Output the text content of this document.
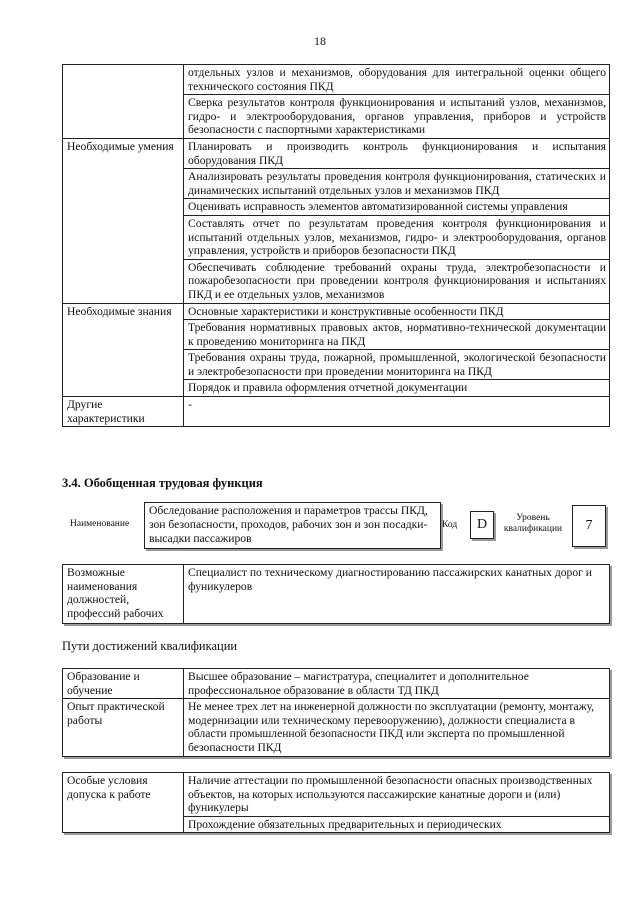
18
	отдельных узлов и механизмов, оборудования для интегральной оценки общего технического состояния ПКД
	Сверка результатов контроля функционирования и испытаний узлов, механизмов, гидро- и электрооборудования, органов управления, приборов и устройств безопасности с паспортными характеристиками
Необходимые умения	Планировать и производить контроль функционирования и испытания оборудования ПКД
	Анализировать результаты проведения контроля функционирования, статических и динамических испытаний отдельных узлов и механизмов ПКД
	Оценивать исправность элементов автоматизированной системы управления
	Составлять отчет по результатам проведения контроля функционирования и испытаний отдельных узлов, механизмов, гидро- и электрооборудования, органов управления, устройств и приборов безопасности ПКД
	Обеспечивать соблюдение требований охраны труда, электробезопасности и пожаробезопасности при проведении контроля функционирования и испытаниях ПКД и ее отдельных узлов, механизмов
Необходимые знания	Основные характеристики и конструктивные особенности ПКД
	Требования нормативных правовых актов, нормативно-технической документации к проведению мониторинга на ПКД
	Требования охраны труда, пожарной, промышленной, экологической безопасности и электробезопасности при проведении мониторинга на ПКД
	Порядок и правила оформления отчетной документации
Другие характеристики	-
3.4. Обобщенная трудовая функция
Наименование
Обследование расположения и параметров трассы ПКД, зон безопасности, проходов, рабочих зон и зон посадки-высадки пассажиров
Код	D	Уровень квалификации	7
Возможные наименования должностей, профессий рабочих	Специалист по техническому диагностированию пассажирских канатных дорог и фуникулеров
Пути достижений квалификации
Образование и обучение	Высшее образование – магистратура, специалитет и дополнительное профессиональное образование в области ТД ПКД
Опыт практической работы	Не менее трех лет на инженерной должности по эксплуатации (ремонту, монтажу, модернизации или техническому перевооружению), должности специалиста в области промышленной безопасности ПКД или эксперта по промышленной безопасности ПКД
Особые условия допуска к работе	Наличие аттестации по промышленной безопасности опасных производственных объектов, на которых используются пассажирские канатные дороги и (или) фуникулеры
Прохождение обязательных предварительных и периодических
